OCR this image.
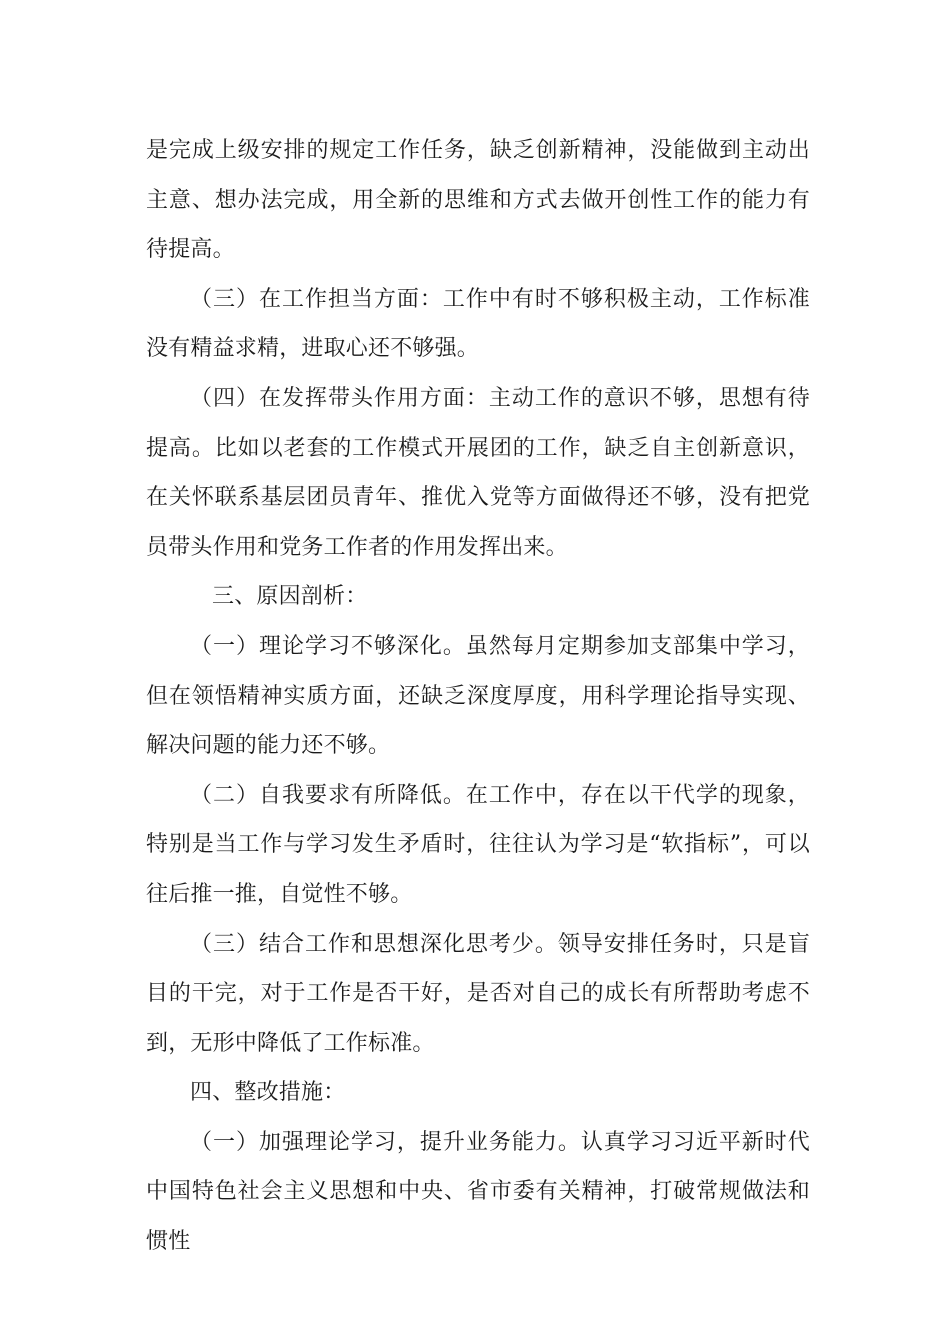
是完成上级安排的规定工作任务，缺乏创新精神，没能做到主动出主意、想办法完成，用全新的思维和方式去做开创性工作的能力有待提高。

（三）在工作担当方面：工作中有时不够积极主动，工作标准没有精益求精，进取心还不够强。

（四）在发挥带头作用方面：主动工作的意识不够，思想有待提高。比如以老套的工作模式开展团的工作，缺乏自主创新意识，在关怀联系基层团员青年、推优入党等方面做得还不够，没有把党员带头作用和党务工作者的作用发挥出来。

三、原因剖析：

（一）理论学习不够深化。虽然每月定期参加支部集中学习，但在领悟精神实质方面，还缺乏深度厚度，用科学理论指导实现、解决问题的能力还不够。

（二）自我要求有所降低。在工作中，存在以干代学的现象，特别是当工作与学习发生矛盾时，往往认为学习是“软指标”，可以往后推一推，自觉性不够。

（三）结合工作和思想深化思考少。领导安排任务时，只是盲目的干完，对于工作是否干好，是否对自己的成长有所帮助考虑不到，无形中降低了工作标准。

四、整改措施：

（一）加强理论学习，提升业务能力。认真学习习近平新时代中国特色社会主义思想和中央、省市委有关精神，打破常规做法和惯性
